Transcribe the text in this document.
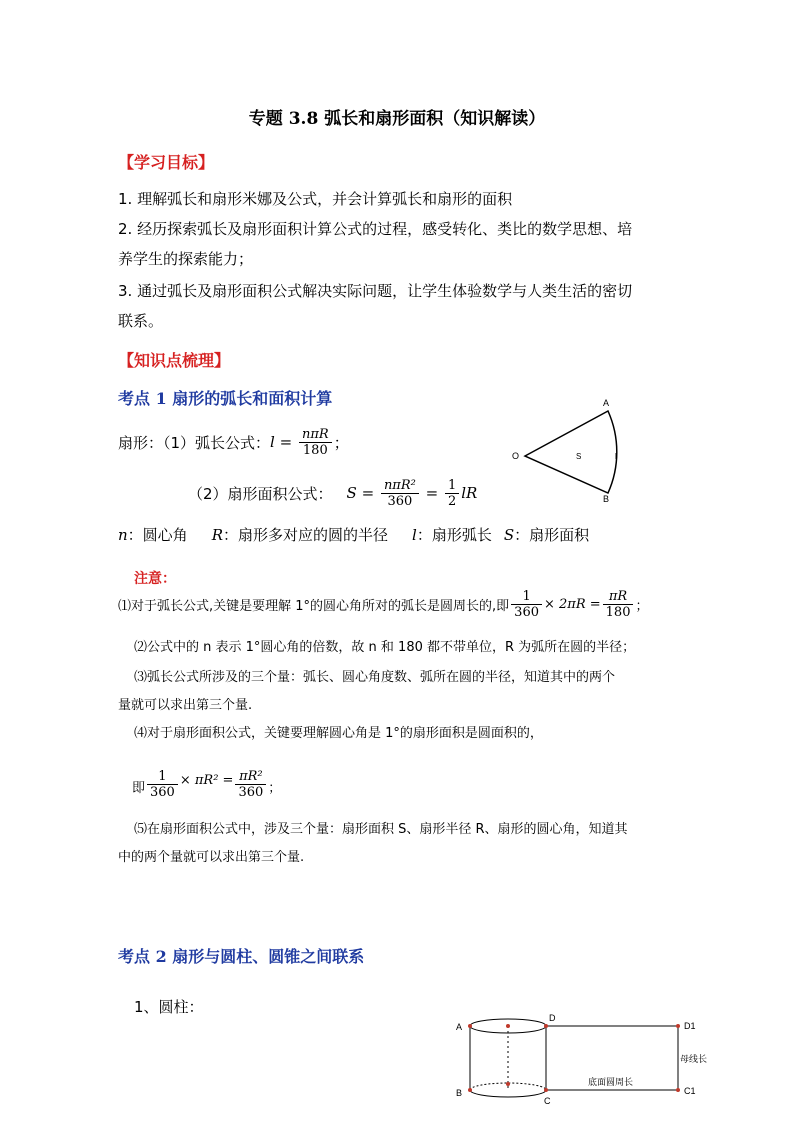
专题 3.8 弧长和扇形面积（知识解读）
【学习目标】
1. 理解弧长和扇形米娜及公式，并会计算弧长和扇形的面积
2. 经历探索弧长及扇形面积计算公式的过程，感受转化、类比的数学思想、培
养学生的探索能力；
3. 通过弧长及扇形面积公式解决实际问题，让学生体验数学与人类生活的密切
联系。
【知识点梳理】
考点 1 扇形的弧长和面积计算
扇形：（1）弧长公式： $l = \frac{\text{nπR}}{180}$ ；
（2）扇形面积公式： $S = \frac{\text{nπR²}}{360} = \frac{1}{2}$ lR
n：圆心角 R：扇形多对应的圆的半径 l：扇形弧长 S：扇形面积
O
A
B
S	l
注意：
⑴对于弧长公式,关键是要理解 1°的圆心角所对的弧长是圆周长的,即 $\frac{1}{360} \times 2\pi R = \frac{\pi R}{180}$ ；
⑵公式中的 n 表示 1°圆心角的倍数，故 n 和 180 都不带单位，R 为弧所在圆的半径；
⑶弧长公式所涉及的三个量：弧长、圆心角度数、弧所在圆的半径，知道其中的两个
量就可以求出第三个量.
⑷对于扇形面积公式，关键要理解圆心角是 1°的扇形面积是圆面积的，
即 $\frac{1}{360} \times \pi R^2 = \frac{\text{πR²}}{360}$ ；
⑸在扇形面积公式中，涉及三个量：扇形面积 S、扇形半径 R、扇形的圆心角，知道其
中的两个量就可以求出第三个量.
考点 2 扇形与圆柱、圆锥之间联系
1、圆柱：
A
B
C
D
D1
C1
母线长
底面圆周长
